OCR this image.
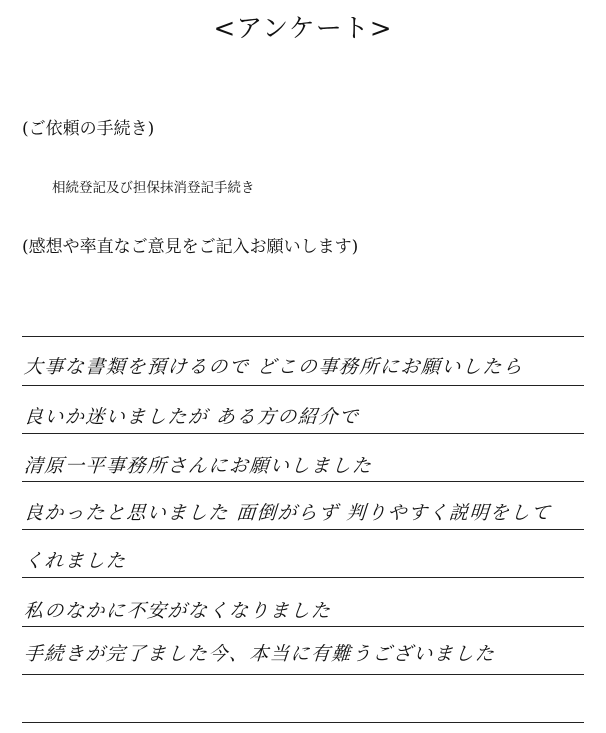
<アンケート>
(ご依頼の手続き)
相続登記及び担保抹消登記手続き
(感想や率直なご意見をご記入お願いします)
大事な書類を預けるので どこの事務所にお願いしたら
良いか迷いましたが ある方の紹介で
清原一平事務所さんにお願いしました
良かったと思いました 面倒がらず 判りやすく説明をして
くれました
私のなかに不安がなくなりました
手続きが完了ました今、本当に有難うございました
